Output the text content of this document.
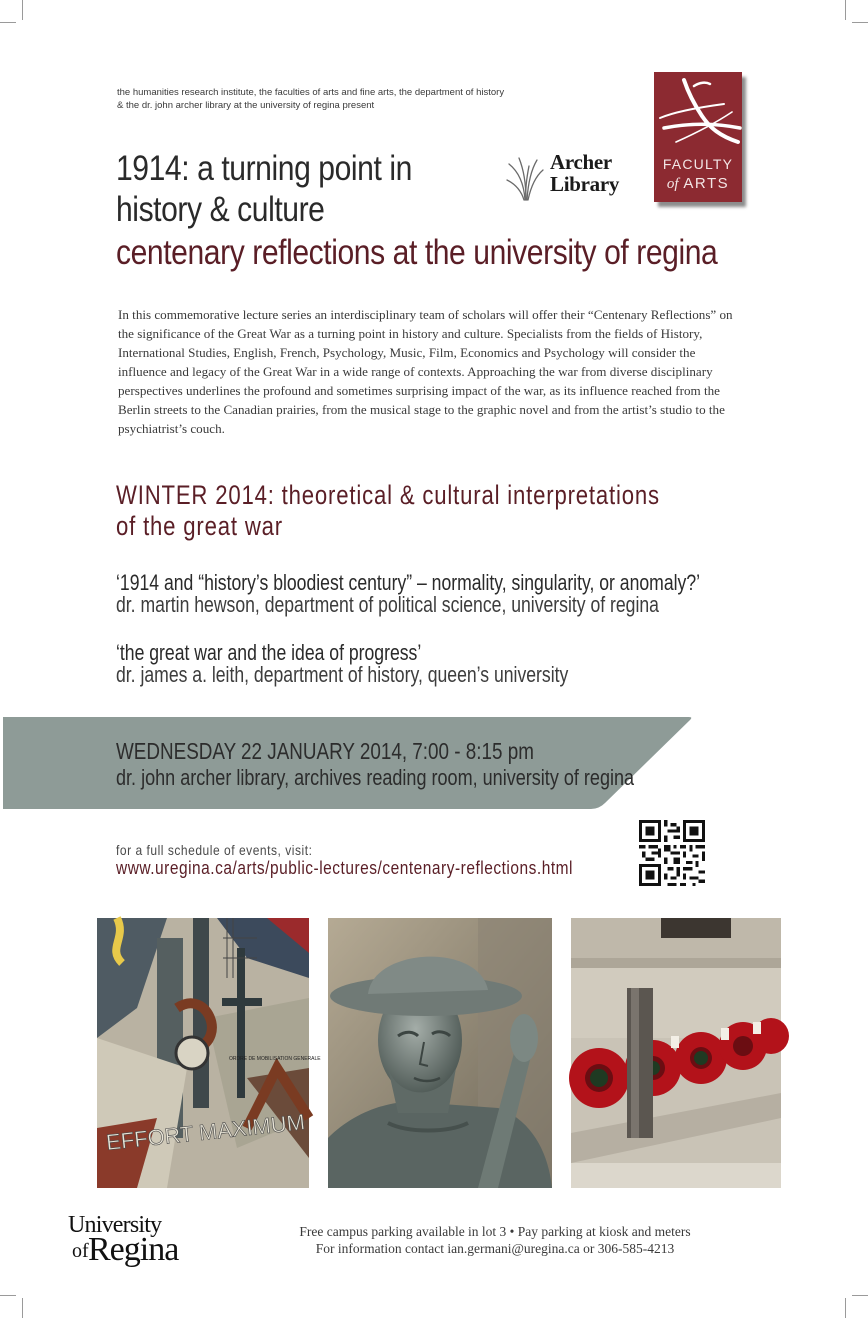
the humanities research institute, the faculties of arts and fine arts, the department of history
& the dr. john archer library at the university of regina present
1914: a turning point in
history & culture
centenary reflections at the university of regina
Archer
Library
FACULTY
of ARTS
In this commemorative lecture series an interdisciplinary team of scholars will offer their “Centenary Reflections” on the significance of the Great War as a turning point in history and culture. Specialists from the fields of History, International Studies, English, French, Psychology, Music, Film, Economics and Psychology will consider the influence and legacy of the Great War in a wide range of contexts. Approaching the war from diverse disciplinary perspectives underlines the profound and sometimes surprising impact of the war, as its influence reached from the Berlin streets to the Canadian prairies, from the musical stage to the graphic novel and from the artist’s studio to the psychiatrist’s couch.
WINTER 2014: theoretical & cultural interpretations
of the great war
‘1914 and “history’s bloodiest century” – normality, singularity, or anomaly?’
dr. martin hewson, department of political science, university of regina
‘the great war and the idea of progress’
dr. james a. leith, department of history, queen’s university
WEDNESDAY 22 JANUARY 2014, 7:00 - 8:15 pm
dr. john archer library, archives reading room, university of regina
for a full schedule of events, visit:
www.uregina.ca/arts/public-lectures/centenary-reflections.html
ORDRE DE MOBILISATION GENERALE
EFFORT MAXIMUM
University
of Regina	Free campus parking available in lot 3 • Pay parking at kiosk and meters
For information contact ian.germani@uregina.ca or 306-585-4213
